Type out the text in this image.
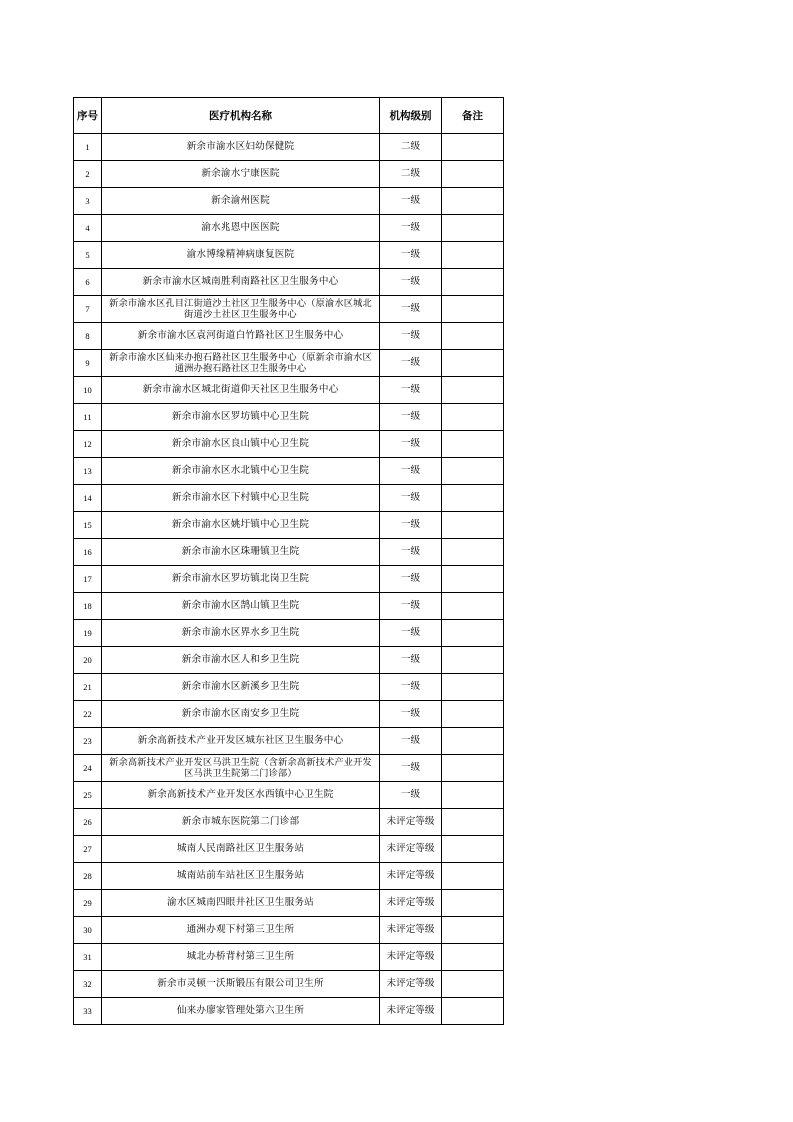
序号	医疗机构名称	机构级别	备注
1	新余市渝水区妇幼保健院	二级	
2	新余渝水宁康医院	二级	
3	新余渝州医院	一级	
4	渝水兆恩中医医院	一级	
5	渝水博缘精神病康复医院	一级	
6	新余市渝水区城南胜利南路社区卫生服务中心	一级	
7	新余市渝水区孔目江街道沙土社区卫生服务中心（原渝水区城北街道沙土社区卫生服务中心	一级	
8	新余市渝水区袁河街道白竹路社区卫生服务中心	一级	
9	新余市渝水区仙来办抱石路社区卫生服务中心（原新余市渝水区通洲办抱石路社区卫生服务中心	一级	
10	新余市渝水区城北街道仰天社区卫生服务中心	一级	
11	新余市渝水区罗坊镇中心卫生院	一级	
12	新余市渝水区良山镇中心卫生院	一级	
13	新余市渝水区水北镇中心卫生院	一级	
14	新余市渝水区下村镇中心卫生院	一级	
15	新余市渝水区姚圩镇中心卫生院	一级	
16	新余市渝水区珠珊镇卫生院	一级	
17	新余市渝水区罗坊镇北岗卫生院	一级	
18	新余市渝水区鹄山镇卫生院	一级	
19	新余市渝水区界水乡卫生院	一级	
20	新余市渝水区人和乡卫生院	一级	
21	新余市渝水区新溪乡卫生院	一级	
22	新余市渝水区南安乡卫生院	一级	
23	新余高新技术产业开发区城东社区卫生服务中心	一级	
24	新余高新技术产业开发区马洪卫生院（含新余高新技术产业开发区马洪卫生院第二门诊部）	一级	
25	新余高新技术产业开发区水西镇中心卫生院	一级	
26	新余市城东医院第二门诊部	未评定等级	
27	城南人民南路社区卫生服务站	未评定等级	
28	城南站前车站社区卫生服务站	未评定等级	
29	渝水区城南四眼井社区卫生服务站	未评定等级	
30	通洲办观下村第三卫生所	未评定等级	
31	城北办桥背村第三卫生所	未评定等级	
32	新余市灵顿一沃斯锻压有限公司卫生所	未评定等级	
33	仙来办廖家管理处第六卫生所	未评定等级	
